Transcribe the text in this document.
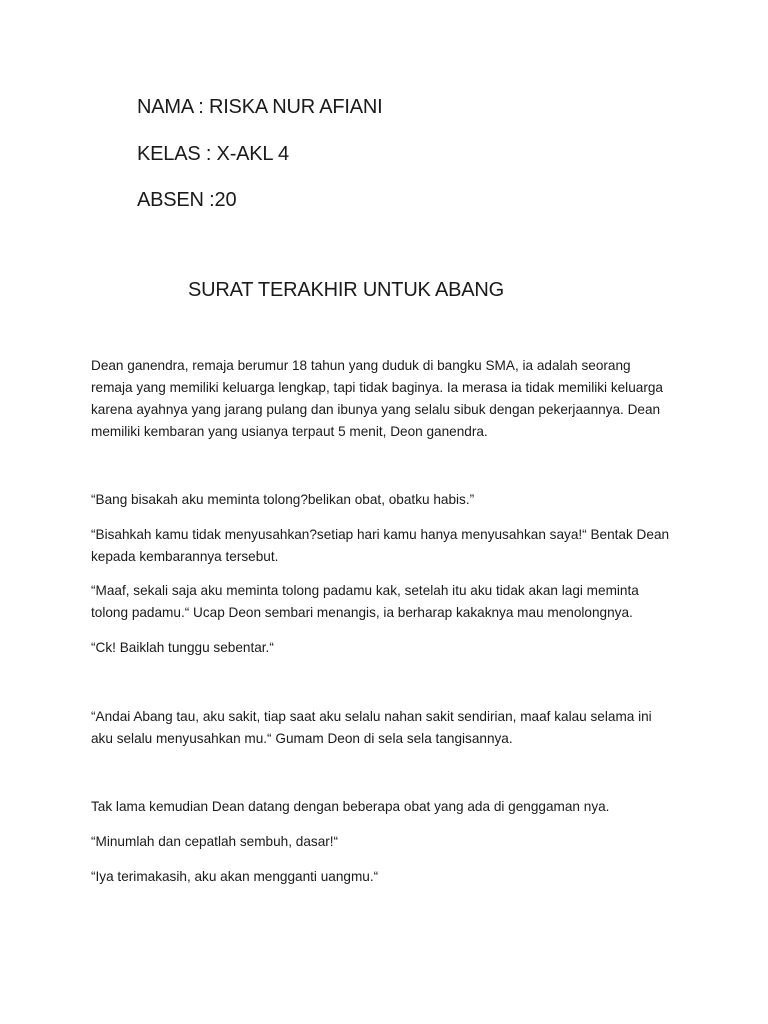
NAMA : RISKA NUR AFIANI
KELAS : X-AKL 4
ABSEN :20
SURAT TERAKHIR UNTUK ABANG
Dean ganendra, remaja berumur 18 tahun yang duduk di bangku SMA, ia adalah seorang
remaja yang memiliki keluarga lengkap, tapi tidak baginya. Ia merasa ia tidak memiliki keluarga
karena ayahnya yang jarang pulang dan ibunya yang selalu sibuk dengan pekerjaannya. Dean
memiliki kembaran yang usianya terpaut 5 menit, Deon ganendra.
“Bang bisakah aku meminta tolong?belikan obat, obatku habis.”
“Bisahkah kamu tidak menyusahkan?setiap hari kamu hanya menyusahkan saya!“ Bentak Dean
kepada kembarannya tersebut.
“Maaf, sekali saja aku meminta tolong padamu kak, setelah itu aku tidak akan lagi meminta
tolong padamu.“ Ucap Deon sembari menangis, ia berharap kakaknya mau menolongnya.
“Ck! Baiklah tunggu sebentar.“
“Andai Abang tau, aku sakit, tiap saat aku selalu nahan sakit sendirian, maaf kalau selama ini
aku selalu menyusahkan mu.“ Gumam Deon di sela sela tangisannya.
Tak lama kemudian Dean datang dengan beberapa obat yang ada di genggaman nya.
“Minumlah dan cepatlah sembuh, dasar!“
“Iya terimakasih, aku akan mengganti uangmu.“
